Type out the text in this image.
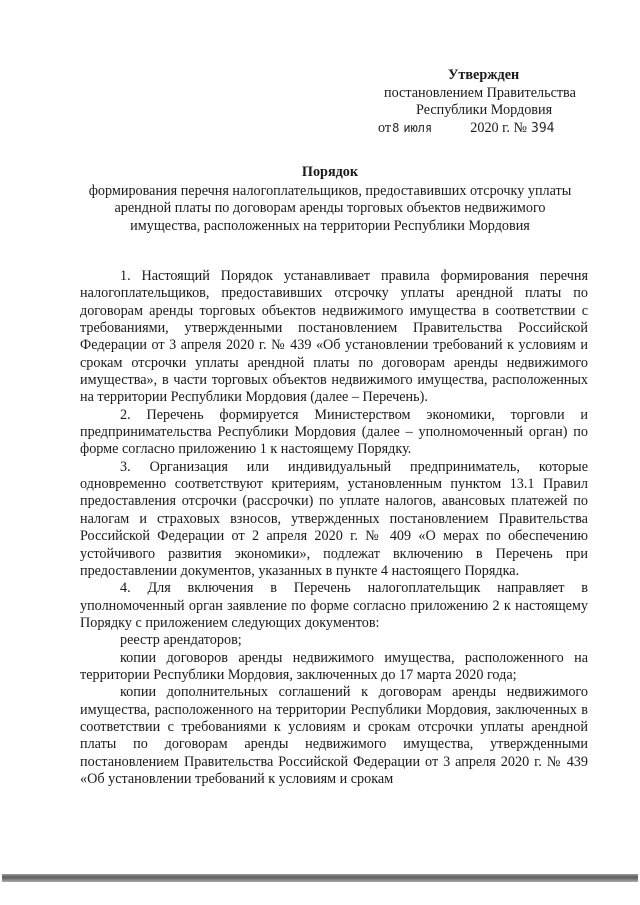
Утвержден
постановлением Правительства
Республики Мордовия
от8 июля	2020 г. № 394
Порядок
формирования перечня налогоплательщиков, предоставивших отсрочку уплаты арендной платы по договорам аренды торговых объектов недвижимого имущества, расположенных на территории Республики Мордовия

1. Настоящий Порядок устанавливает правила формирования перечня налогоплательщиков, предоставивших отсрочку уплаты арендной платы по договорам аренды торговых объектов недвижимого имущества в соответствии с требованиями, утвержденными постановлением Правительства Российской Федерации от 3 апреля 2020 г. № 439 «Об установлении требований к условиям и срокам отсрочки уплаты арендной платы по договорам аренды недвижимого имущества», в части торговых объектов недвижимого имущества, расположенных на территории Республики Мордовия (далее – Перечень).

2. Перечень формируется Министерством экономики, торговли и предпринимательства Республики Мордовия (далее – уполномоченный орган) по форме согласно приложению 1 к настоящему Порядку.

3. Организация или индивидуальный предприниматель, которые одновременно соответствуют критериям, установленным пунктом 13.1 Правил предоставления отсрочки (рассрочки) по уплате налогов, авансовых платежей по налогам и страховых взносов, утвержденных постановлением Правительства Российской Федерации от 2 апреля 2020 г. № 409 «О мерах по обеспечению устойчивого развития экономики», подлежат включению в Перечень при предоставлении документов, указанных в пункте 4 настоящего Порядка.

4. Для включения в Перечень налогоплательщик направляет в уполномоченный орган заявление по форме согласно приложению 2 к настоящему Порядку с приложением следующих документов:

реестр арендаторов;

копии договоров аренды недвижимого имущества, расположенного на территории Республики Мордовия, заключенных до 17 марта 2020 года;

копии дополнительных соглашений к договорам аренды недвижимого имущества, расположенного на территории Республики Мордовия, заключенных в соответствии с требованиями к условиям и срокам отсрочки уплаты арендной платы по договорам аренды недвижимого имущества, утвержденными постановлением Правительства Российской Федерации от 3 апреля 2020 г. № 439 «Об установлении требований к условиям и срокам
